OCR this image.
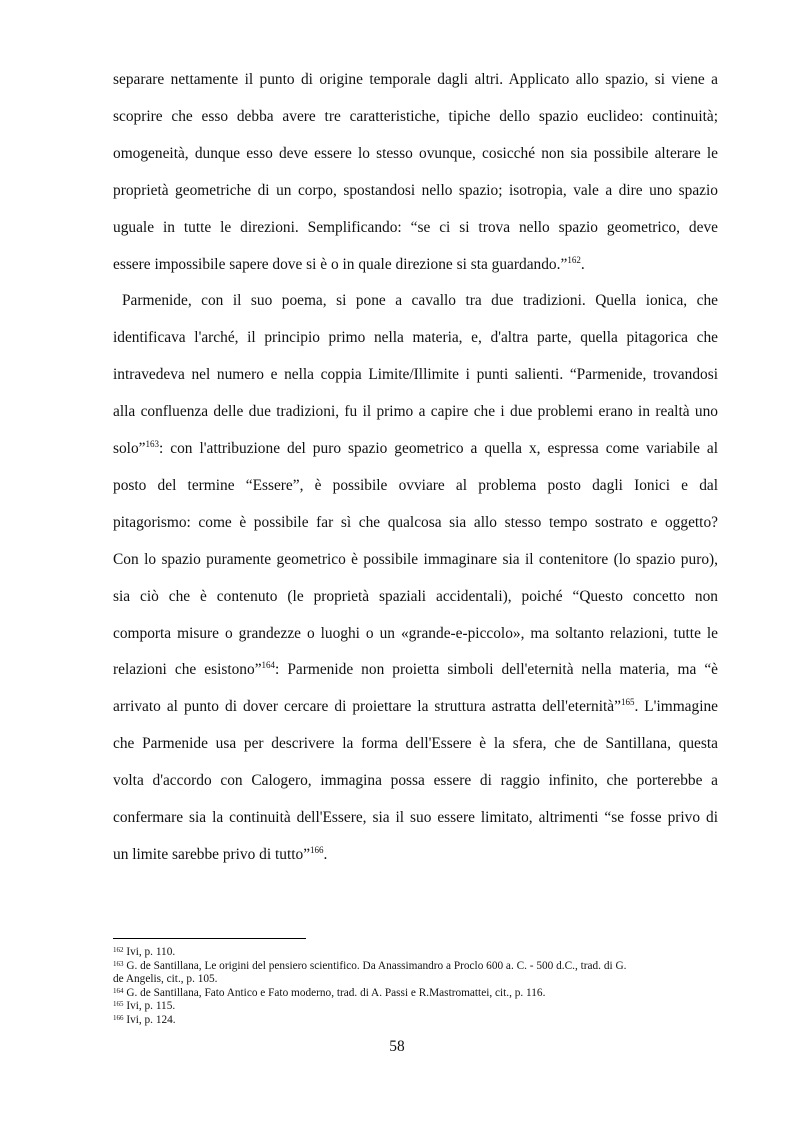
separare nettamente il punto di origine temporale dagli altri. Applicato allo spazio, si viene a
scoprire che esso debba avere tre caratteristiche, tipiche dello spazio euclideo: continuità;
omogeneità, dunque esso deve essere lo stesso ovunque, cosicché non sia possibile alterare le
proprietà geometriche di un corpo, spostandosi nello spazio; isotropia, vale a dire uno spazio
uguale in tutte le direzioni. Semplificando: “se ci si trova nello spazio geometrico, deve
essere impossibile sapere dove si è o in quale direzione si sta guardando.”$^{162}$.
Parmenide, con il suo poema, si pone a cavallo tra due tradizioni. Quella ionica, che
identificava l'arché, il principio primo nella materia, e, d'altra parte, quella pitagorica che
intravedeva nel numero e nella coppia Limite/Illimite i punti salienti. “Parmenide, trovandosi
alla confluenza delle due tradizioni, fu il primo a capire che i due problemi erano in realtà uno
solo”$^{163}$: con l'attribuzione del puro spazio geometrico a quella x, espressa come variabile al
posto del termine “Essere”, è possibile ovviare al problema posto dagli Ionici e dal
pitagorismo: come è possibile far sì che qualcosa sia allo stesso tempo sostrato e oggetto?
Con lo spazio puramente geometrico è possibile immaginare sia il contenitore (lo spazio puro),
sia ciò che è contenuto (le proprietà spaziali accidentali), poiché “Questo concetto non
comporta misure o grandezze o luoghi o un «grande-e-piccolo», ma soltanto relazioni, tutte le
relazioni che esistono”$^{164}$: Parmenide non proietta simboli dell'eternità nella materia, ma “è
arrivato al punto di dover cercare di proiettare la struttura astratta dell'eternità”$^{165}$. L'immagine
che Parmenide usa per descrivere la forma dell'Essere è la sfera, che de Santillana, questa
volta d'accordo con Calogero, immagina possa essere di raggio infinito, che porterebbe a
confermare sia la continuità dell'Essere, sia il suo essere limitato, altrimenti “se fosse privo di
un limite sarebbe privo di tutto”$^{166}$.
$^{162}$ Ivi, p. 110.
$^{163}$ G. de Santillana, Le origini del pensiero scientifico. Da Anassimandro a Proclo 600 a. C. - 500 d.C., trad. di G.
de Angelis, cit., p. 105.
$^{164}$ G. de Santillana, Fato Antico e Fato moderno, trad. di A. Passi e R.Mastromattei, cit., p. 116.
$^{165}$ Ivi, p. 115.
$^{166}$ Ivi, p. 124.
58
